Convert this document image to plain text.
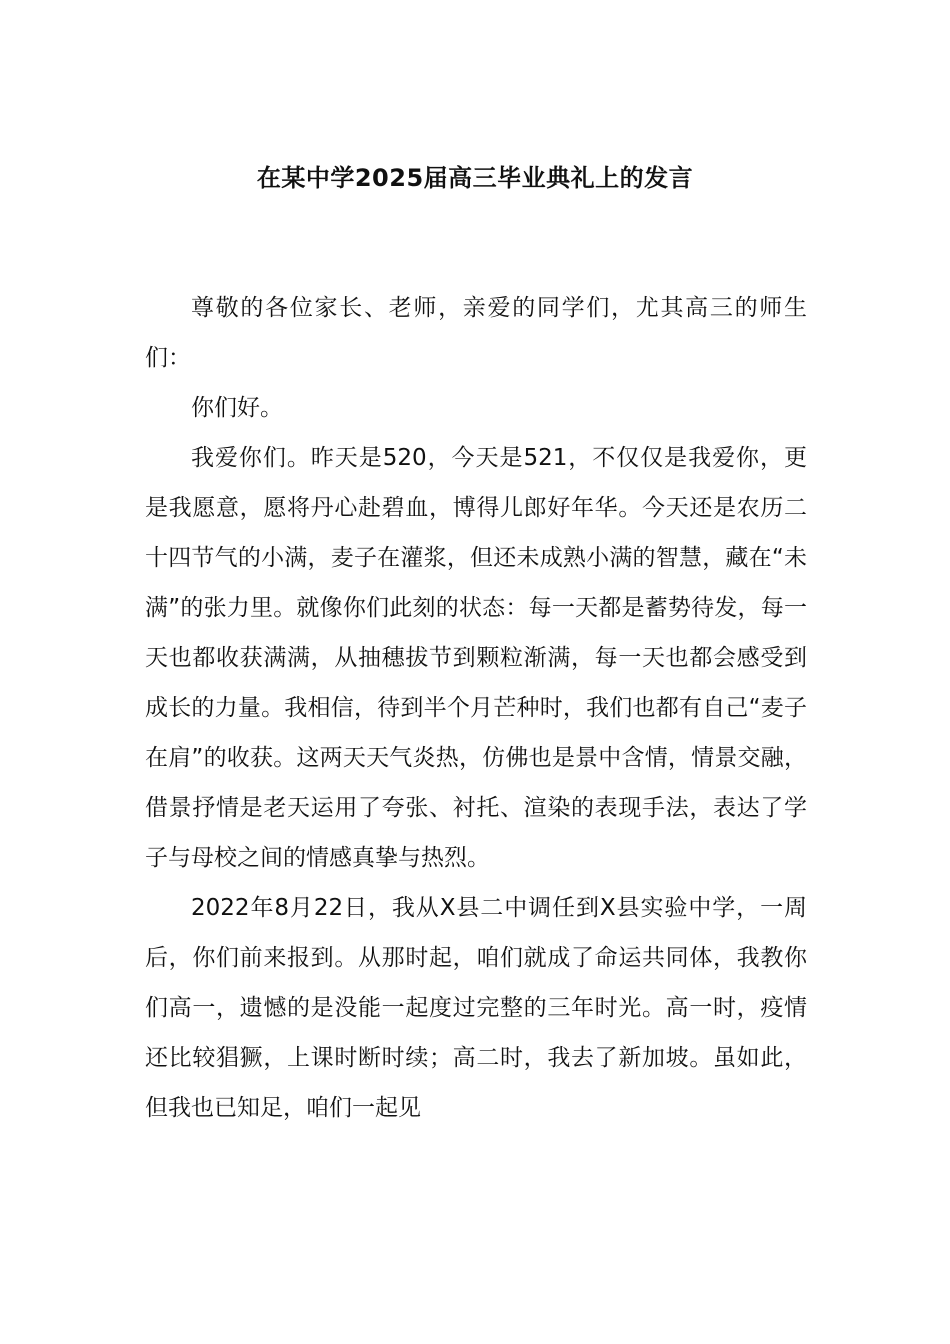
在某中学2025届高三毕业典礼上的发言

尊敬的各位家长、老师，亲爱的同学们，尤其高三的师生们：

你们好。

我爱你们。昨天是520，今天是521，不仅仅是我爱你，更是我愿意，愿将丹心赴碧血，博得儿郎好年华。今天还是农历二十四节气的小满，麦子在灌浆，但还未成熟小满的智慧，藏在“未满”的张力里。就像你们此刻的状态：每一天都是蓄势待发，每一天也都收获满满，从抽穗拔节到颗粒渐满，每一天也都会感受到成长的力量。我相信，待到半个月芒种时，我们也都有自己“麦子在肩”的收获。这两天天气炎热，仿佛也是景中含情，情景交融，借景抒情是老天运用了夸张、衬托、渲染的表现手法，表达了学子与母校之间的情感真挚与热烈。

2022年8月22日，我从X县二中调任到X县实验中学，一周后，你们前来报到。从那时起，咱们就成了命运共同体，我教你们高一，遗憾的是没能一起度过完整的三年时光。高一时，疫情还比较猖獗，上课时断时续；高二时，我去了新加坡。虽如此，但我也已知足，咱们一起见
